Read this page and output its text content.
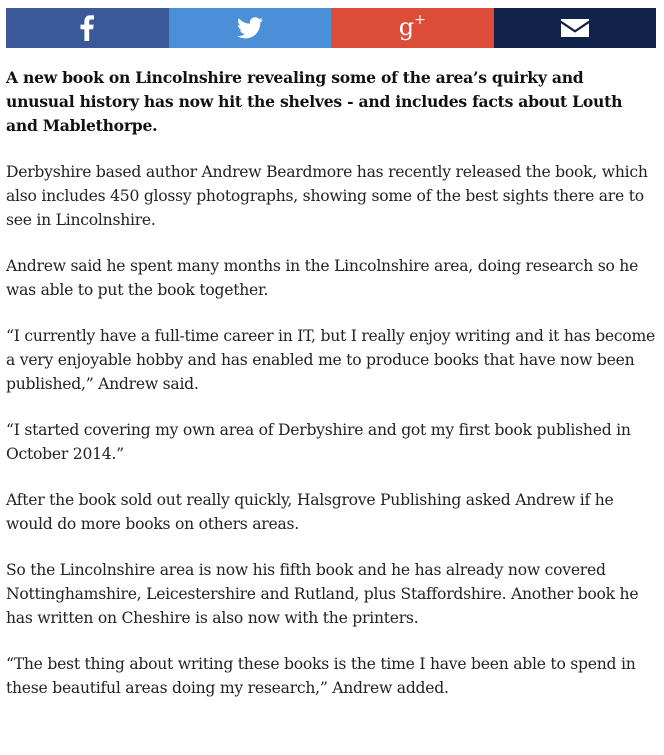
g+

A new book on Lincolnshire revealing some of the area’s quirky and unusual history has now hit the shelves - and includes facts about Louth and Mablethorpe.

Derbyshire based author Andrew Beardmore has recently released the book, which also includes 450 glossy photographs, showing some of the best sights there are to see in Lincolnshire.

Andrew said he spent many months in the Lincolnshire area, doing research so he was able to put the book together.

“I currently have a full-time career in IT, but I really enjoy writing and it has become a very enjoyable hobby and has enabled me to produce books that have now been published,” Andrew said.

“I started covering my own area of Derbyshire and got my first book published in October 2014.”

After the book sold out really quickly, Halsgrove Publishing asked Andrew if he would do more books on others areas.

So the Lincolnshire area is now his fifth book and he has already now covered Nottinghamshire, Leicestershire and Rutland, plus Staffordshire. Another book he has written on Cheshire is also now with the printers.

“The best thing about writing these books is the time I have been able to spend in these beautiful areas doing my research,” Andrew added.
